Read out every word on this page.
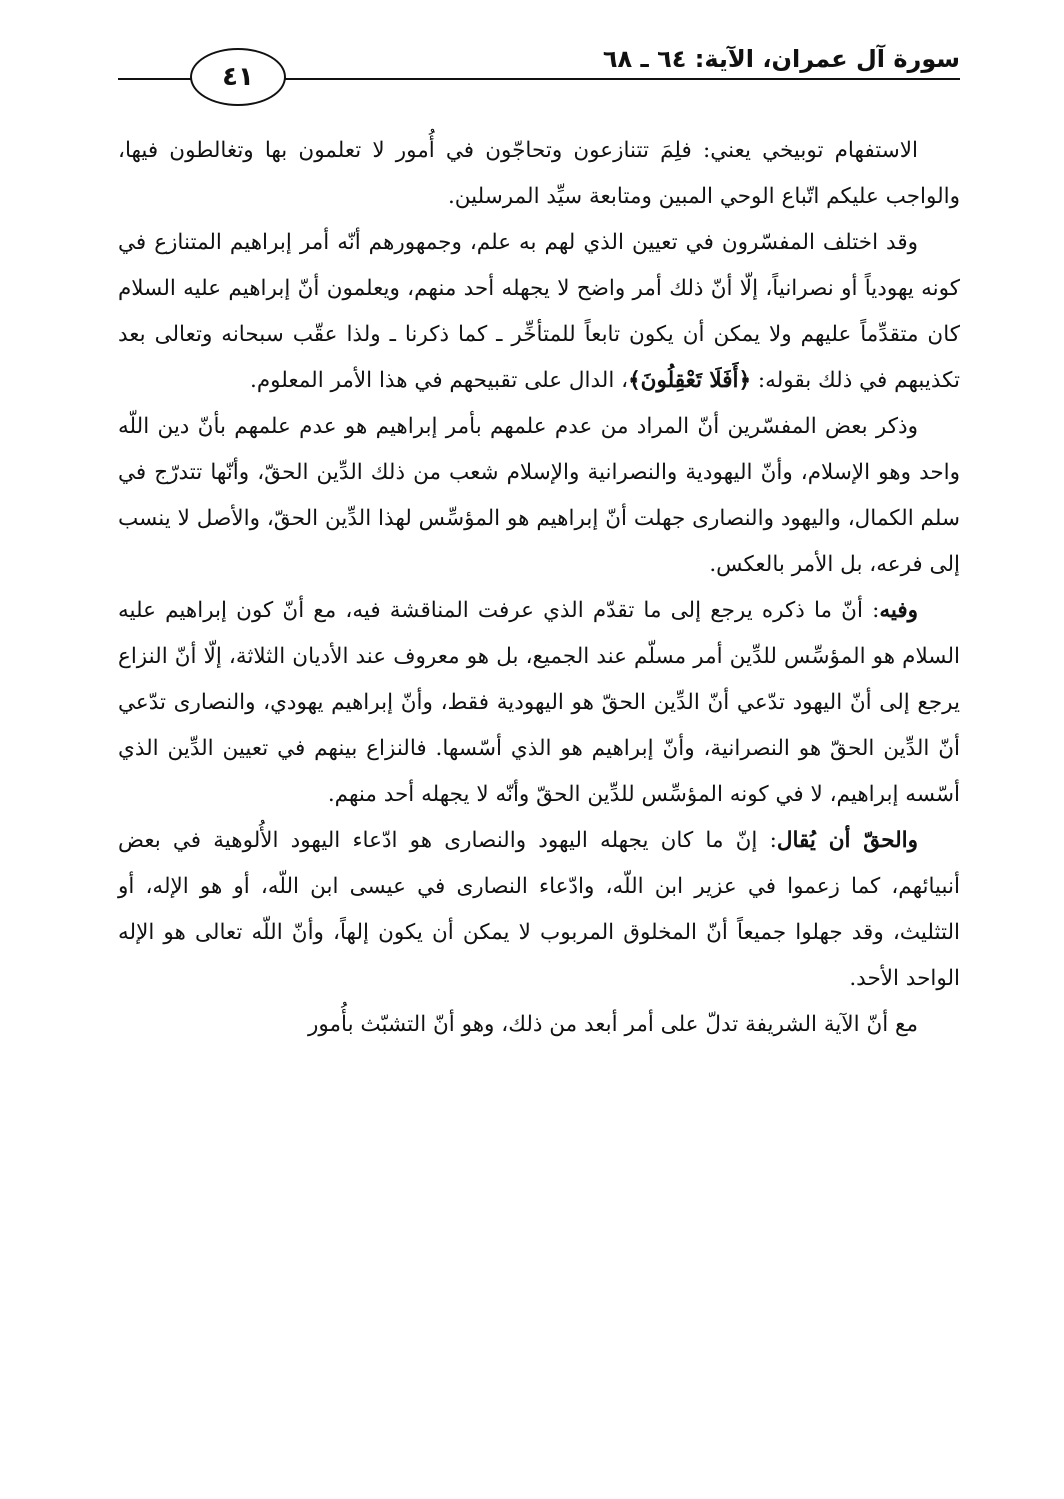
سورة آل عمران، الآية: ٦٤ ـ ٦٨
٤١

الاستفهام توبيخي يعني: فلِمَ تتنازعون وتحاجّون في أُمور لا تعلمون بها وتغالطون فيها، والواجب عليكم اتّباع الوحي المبين ومتابعة سيِّد المرسلين.

وقد اختلف المفسّرون في تعيين الذي لهم به علم، وجمهورهم أنّه أمر إبراهيم المتنازع في كونه يهودياً أو نصرانياً، إلّا أنّ ذلك أمر واضح لا يجهله أحد منهم، ويعلمون أنّ إبراهيم عليه السلام كان متقدِّماً عليهم ولا يمكن أن يكون تابعاً للمتأخِّر ـ كما ذكرنا ـ ولذا عقّب سبحانه وتعالى بعد تكذيبهم في ذلك بقوله: ﴿أَفَلَا تَعْقِلُونَ﴾، الدال على تقبيحهم في هذا الأمر المعلوم.

وذكر بعض المفسّرين أنّ المراد من عدم علمهم بأمر إبراهيم هو عدم علمهم بأنّ دين اللّه واحد وهو الإسلام، وأنّ اليهودية والنصرانية والإسلام شعب من ذلك الدِّين الحقّ، وأنّها تتدرّج في سلم الكمال، واليهود والنصارى جهلت أنّ إبراهيم هو المؤسِّس لهذا الدِّين الحقّ، والأصل لا ينسب إلى فرعه، بل الأمر بالعكس.

وفيه: أنّ ما ذكره يرجع إلى ما تقدّم الذي عرفت المناقشة فيه، مع أنّ كون إبراهيم عليه السلام هو المؤسِّس للدِّين أمر مسلّم عند الجميع، بل هو معروف عند الأديان الثلاثة، إلّا أنّ النزاع يرجع إلى أنّ اليهود تدّعي أنّ الدِّين الحقّ هو اليهودية فقط، وأنّ إبراهيم يهودي، والنصارى تدّعي أنّ الدِّين الحقّ هو النصرانية، وأنّ إبراهيم هو الذي أسّسها. فالنزاع بينهم في تعيين الدِّين الذي أسّسه إبراهيم، لا في كونه المؤسِّس للدِّين الحقّ وأنّه لا يجهله أحد منهم.

والحقّ أن يُقال: إنّ ما كان يجهله اليهود والنصارى هو ادّعاء اليهود الأُلوهية في بعض أنبيائهم، كما زعموا في عزير ابن اللّه، وادّعاء النصارى في عيسى ابن اللّه، أو هو الإله، أو التثليث، وقد جهلوا جميعاً أنّ المخلوق المربوب لا يمكن أن يكون إلهاً، وأنّ اللّه تعالى هو الإله الواحد الأحد.

مع أنّ الآية الشريفة تدلّ على أمر أبعد من ذلك، وهو أنّ التشبّث بأُمور
